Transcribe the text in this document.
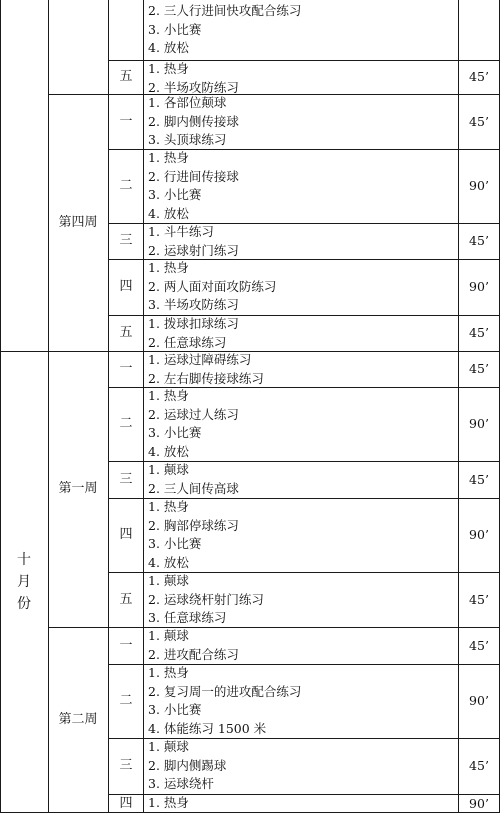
十
月
份
第四周
第一周
第二周
2. 三人行进间快攻配合练习
3. 小比赛
4. 放松
五
1. 热身
2. 半场攻防练习
45’
一
1. 各部位颠球
2. 脚内侧传接球
3. 头顶球练习
45’
二
1. 热身
2. 行进间传接球
3. 小比赛
4. 放松
90’
三
1. 斗牛练习
2. 运球射门练习
45’
四
1. 热身
2. 两人面对面攻防练习
3. 半场攻防练习
90’
五
1. 拨球扣球练习
2. 任意球练习
45’
一
1. 运球过障碍练习
2. 左右脚传接球练习
45’
二
1. 热身
2. 运球过人练习
3. 小比赛
4. 放松
90’
三
1. 颠球
2. 三人间传高球
45’
四
1. 热身
2. 胸部停球练习
3. 小比赛
4. 放松
90’
五
1. 颠球
2. 运球绕杆射门练习
3. 任意球练习
45’
一
1. 颠球
2. 进攻配合练习
45’
二
1. 热身
2. 复习周一的进攻配合练习
3. 小比赛
4. 体能练习 1500 米
90’
三
1. 颠球
2. 脚内侧踢球
3. 运球绕杆
45’
四	1. 热身	90’
